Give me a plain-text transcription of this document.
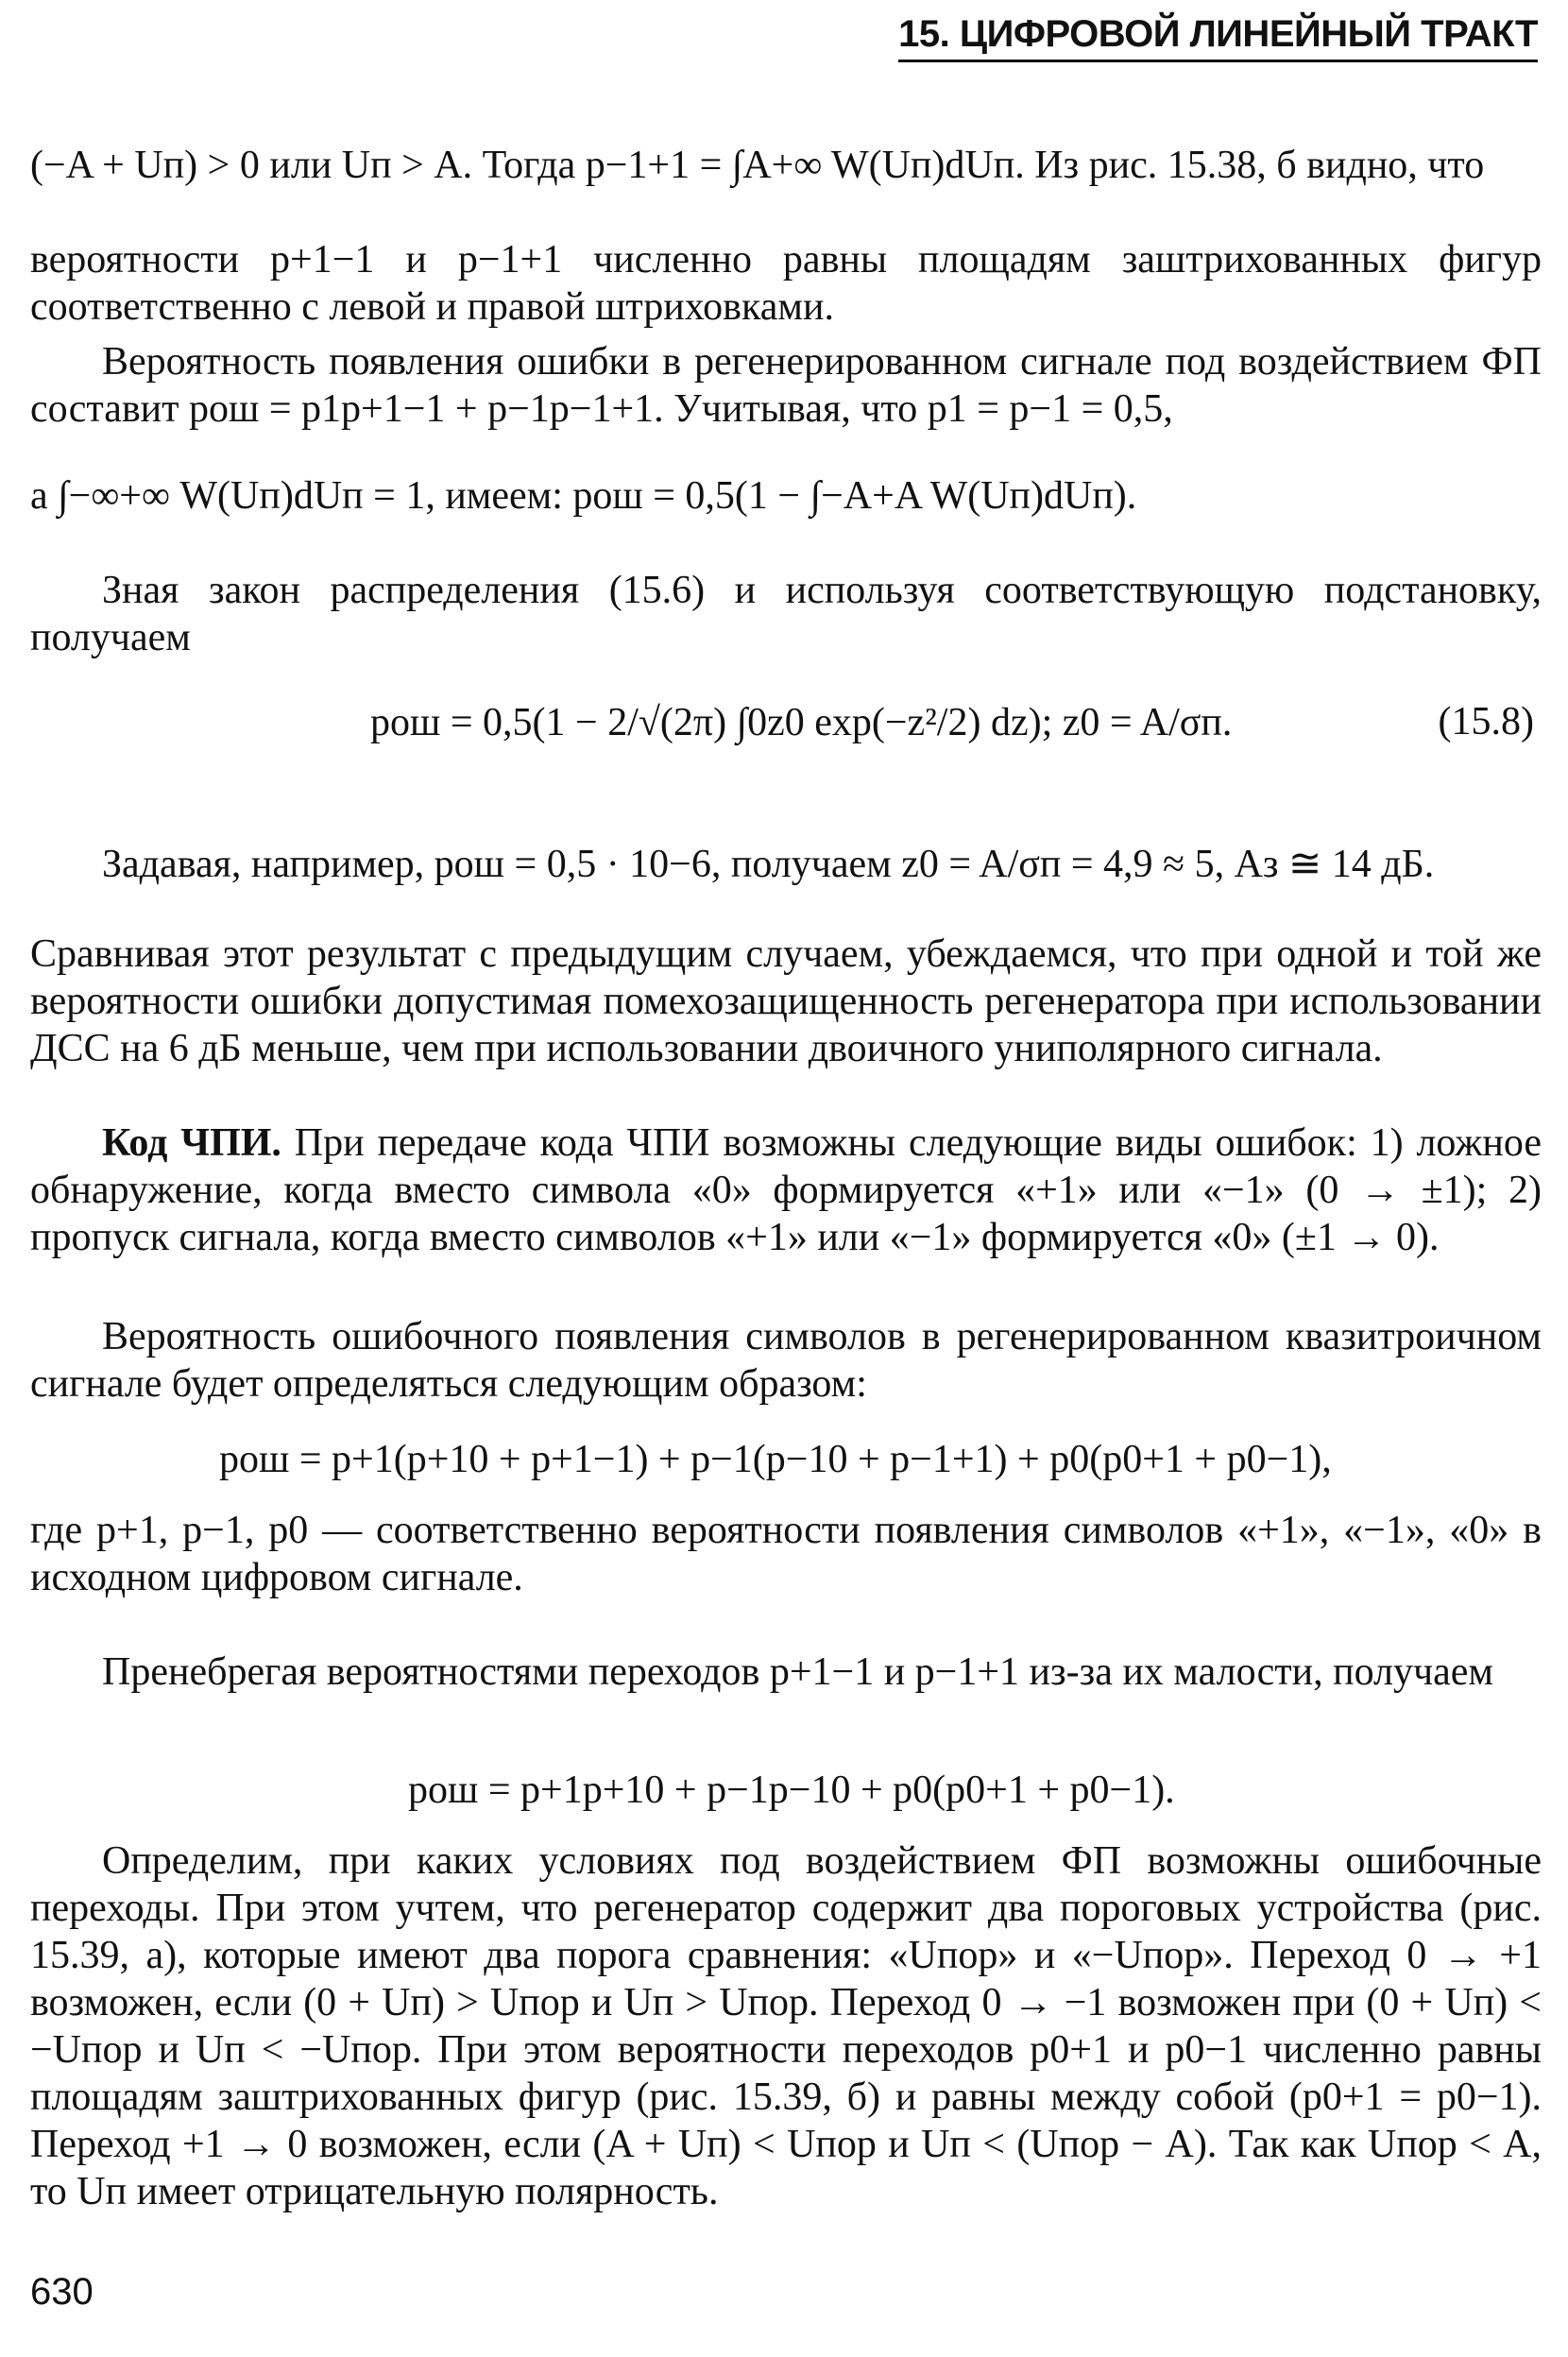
15. ЦИФРОВОЙ ЛИНЕЙНЫЙ ТРАКТ
(−A + Uп) > 0 или Uп > A. Тогда p−1+1 = ∫A+∞ W(Uп)dUп. Из рис. 15.38, б видно, что
вероятности p+1−1 и p−1+1 численно равны площадям заштрихованных фигур соответственно с левой и правой штриховками.
Вероятность появления ошибки в регенерированном сигнале под воздействием ФП составит pош = p1p+1−1 + p−1p−1+1. Учитывая, что p1 = p−1 = 0,5,
а ∫−∞+∞ W(Uп)dUп = 1, имеем: pош = 0,5(1 − ∫−A+A W(Uп)dUп).
Зная закон распределения (15.6) и используя соответствующую подстановку, получаем
pош = 0,5(1 − 2/√(2π) ∫0z0 exp(−z²/2) dz); z0 = A/σп.	(15.8)
Задавая, например, pош = 0,5 · 10−6, получаем z0 = A/σп = 4,9 ≈ 5, Aз ≅ 14 дБ.
Сравнивая этот результат с предыдущим случаем, убеждаемся, что при одной и той же вероятности ошибки допустимая помехозащищенность регенератора при использовании ДСС на 6 дБ меньше, чем при использовании двоичного униполярного сигнала.
Код ЧПИ. При передаче кода ЧПИ возможны следующие виды ошибок: 1) ложное обнаружение, когда вместо символа «0» формируется «+1» или «−1» (0 → ±1); 2) пропуск сигнала, когда вместо символов «+1» или «−1» формируется «0» (±1 → 0).
Вероятность ошибочного появления символов в регенерированном квазитроичном сигнале будет определяться следующим образом:
pош = p+1(p+10 + p+1−1) + p−1(p−10 + p−1+1) + p0(p0+1 + p0−1),
где p+1, p−1, p0 — соответственно вероятности появления символов «+1», «−1», «0» в исходном цифровом сигнале.
Пренебрегая вероятностями переходов p+1−1 и p−1+1 из-за их малости, получаем
pош = p+1p+10 + p−1p−10 + p0(p0+1 + p0−1).
Определим, при каких условиях под воздействием ФП возможны ошибочные переходы. При этом учтем, что регенератор содержит два пороговых устройства (рис. 15.39, а), которые имеют два порога сравнения: «Uпор» и «−Uпор». Переход 0 → +1 возможен, если (0 + Uп) > Uпор и Uп > Uпор. Переход 0 → −1 возможен при (0 + Uп) < −Uпор и Uп < −Uпор. При этом вероятности переходов p0+1 и p0−1 численно равны площадям заштрихованных фигур (рис. 15.39, б) и равны между собой (p0+1 = p0−1). Переход +1 → 0 возможен, если (A + Uп) < Uпор и Uп < (Uпор − A). Так как Uпор < A, то Uп имеет отрицательную полярность.
630
